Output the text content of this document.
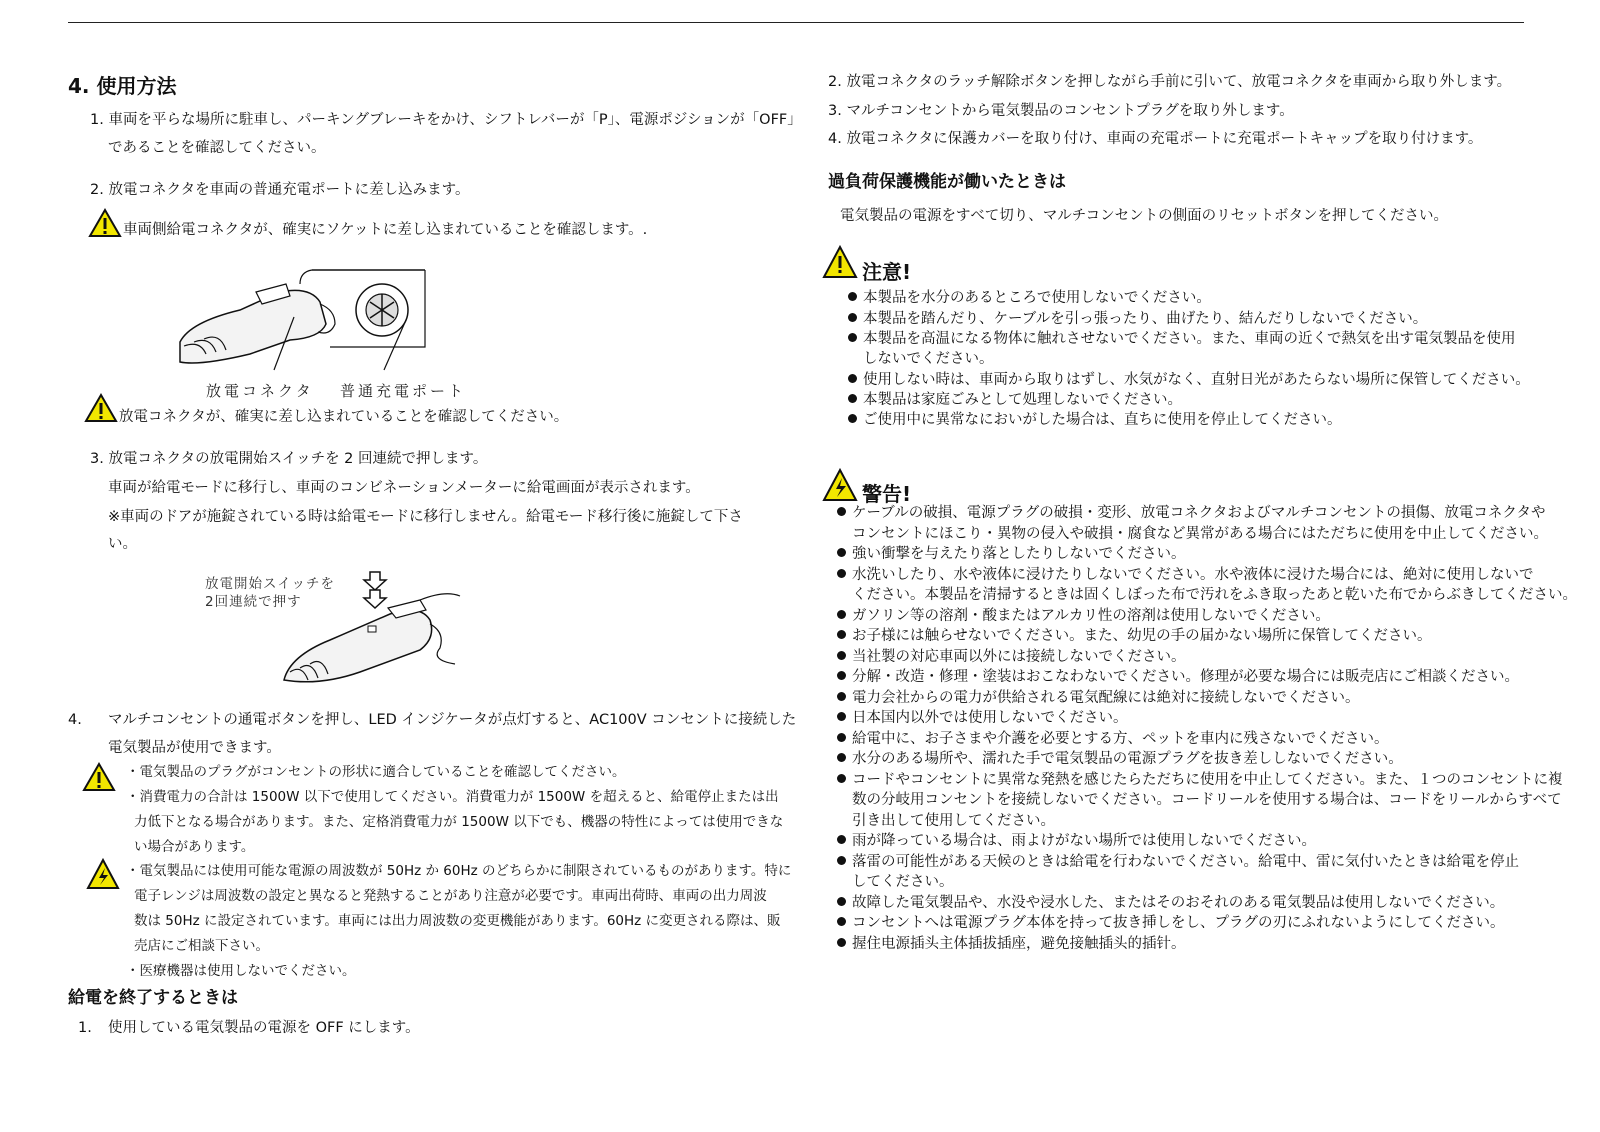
4. 使用方法
1. 車両を平らな場所に駐車し、パーキングブレーキをかけ、シフトレバーが「P」、電源ポジションが「OFF」
であることを確認してください。
2. 放電コネクタを車両の普通充電ポートに差し込みます。
車両側給電コネクタが、確実にソケットに差し込まれていることを確認します。.
放電コネクタ 普通充電ポート
放電コネクタが、確実に差し込まれていることを確認してください。
3. 放電コネクタの放電開始スイッチを 2 回連続で押します。
車両が給電モードに移行し、車両のコンビネーションメーターに給電画面が表示されます。
※車両のドアが施錠されている時は給電モードに移行しません。給電モード移行後に施錠して下さ
い。
放電開始スイッチを
2回連続で押す
4. マルチコンセントの通電ボタンを押し、LED インジケータが点灯すると、AC100V コンセントに接続した
電気製品が使用できます。
・電気製品のプラグがコンセントの形状に適合していることを確認してください。
・消費電力の合計は 1500W 以下で使用してください。消費電力が 1500W を超えると、給電停止または出
力低下となる場合があります。また、定格消費電力が 1500W 以下でも、機器の特性によっては使用できな
い場合があります。
・電気製品には使用可能な電源の周波数が 50Hz か 60Hz のどちらかに制限されているものがあります。特に
電子レンジは周波数の設定と異なると発熱することがあり注意が必要です。車両出荷時、車両の出力周波
数は 50Hz に設定されています。車両には出力周波数の変更機能があります。60Hz に変更される際は、販
売店にご相談下さい。
・医療機器は使用しないでください。
給電を終了するときは
1. 使用している電気製品の電源を OFF にします。
2. 放電コネクタのラッチ解除ボタンを押しながら手前に引いて、放電コネクタを車両から取り外します。
3. マルチコンセントから電気製品のコンセントプラグを取り外します。
4. 放電コネクタに保護カバーを取り付け、車両の充電ポートに充電ポートキャップを取り付けます。
過負荷保護機能が働いたときは
電気製品の電源をすべて切り、マルチコンセントの側面のリセットボタンを押してください。
注意!
本製品を水分のあるところで使用しないでください。
本製品を踏んだり、ケーブルを引っ張ったり、曲げたり、結んだりしないでください。
本製品を高温になる物体に触れさせないでください。また、車両の近くで熱気を出す電気製品を使用
使用しない時は、車両から取りはずし、水気がなく、直射日光があたらない場所に保管してください。
本製品は家庭ごみとして処理しないでください。
ご使用中に異常なにおいがした場合は、直ちに使用を停止してください。
しないでください。
警告!
ケーブルの破損、電源プラグの破損・変形、放電コネクタおよびマルチコンセントの損傷、放電コネクタや
コンセントにほこり・異物の侵入や破損・腐食など異常がある場合にはただちに使用を中止してください。
強い衝撃を与えたり落としたりしないでください。
水洗いしたり、水や液体に浸けたりしないでください。水や液体に浸けた場合には、絶対に使用しないで
ください。本製品を清掃するときは固くしぼった布で汚れをふき取ったあと乾いた布でからぶきしてください。
ガソリン等の溶剤・酸またはアルカリ性の溶剤は使用しないでください。
お子様には触らせないでください。また、幼児の手の届かない場所に保管してください。
当社製の対応車両以外には接続しないでください。
分解・改造・修理・塗装はおこなわないでください。修理が必要な場合には販売店にご相談ください。
電力会社からの電力が供給される電気配線には絶対に接続しないでください。
日本国内以外では使用しないでください。
給電中に、お子さまや介護を必要とする方、ペットを車内に残さないでください。
水分のある場所や、濡れた手で電気製品の電源プラグを抜き差ししないでください。
コードやコンセントに異常な発熱を感じたらただちに使用を中止してください。また、１つのコンセントに複
数の分岐用コンセントを接続しないでください。コードリールを使用する場合は、コードをリールからすべて
引き出して使用してください。
雨が降っている場合は、雨よけがない場所では使用しないでください。
落雷の可能性がある天候のときは給電を行わないでください。給電中、雷に気付いたときは給電を停止
してください。
故障した電気製品や、水没や浸水した、またはそのおそれのある電気製品は使用しないでください。
コンセントへは電源プラグ本体を持って抜き挿しをし、プラグの刃にふれないようにしてください。
握住电源插头主体插拔插座，避免接触插头的插针。
